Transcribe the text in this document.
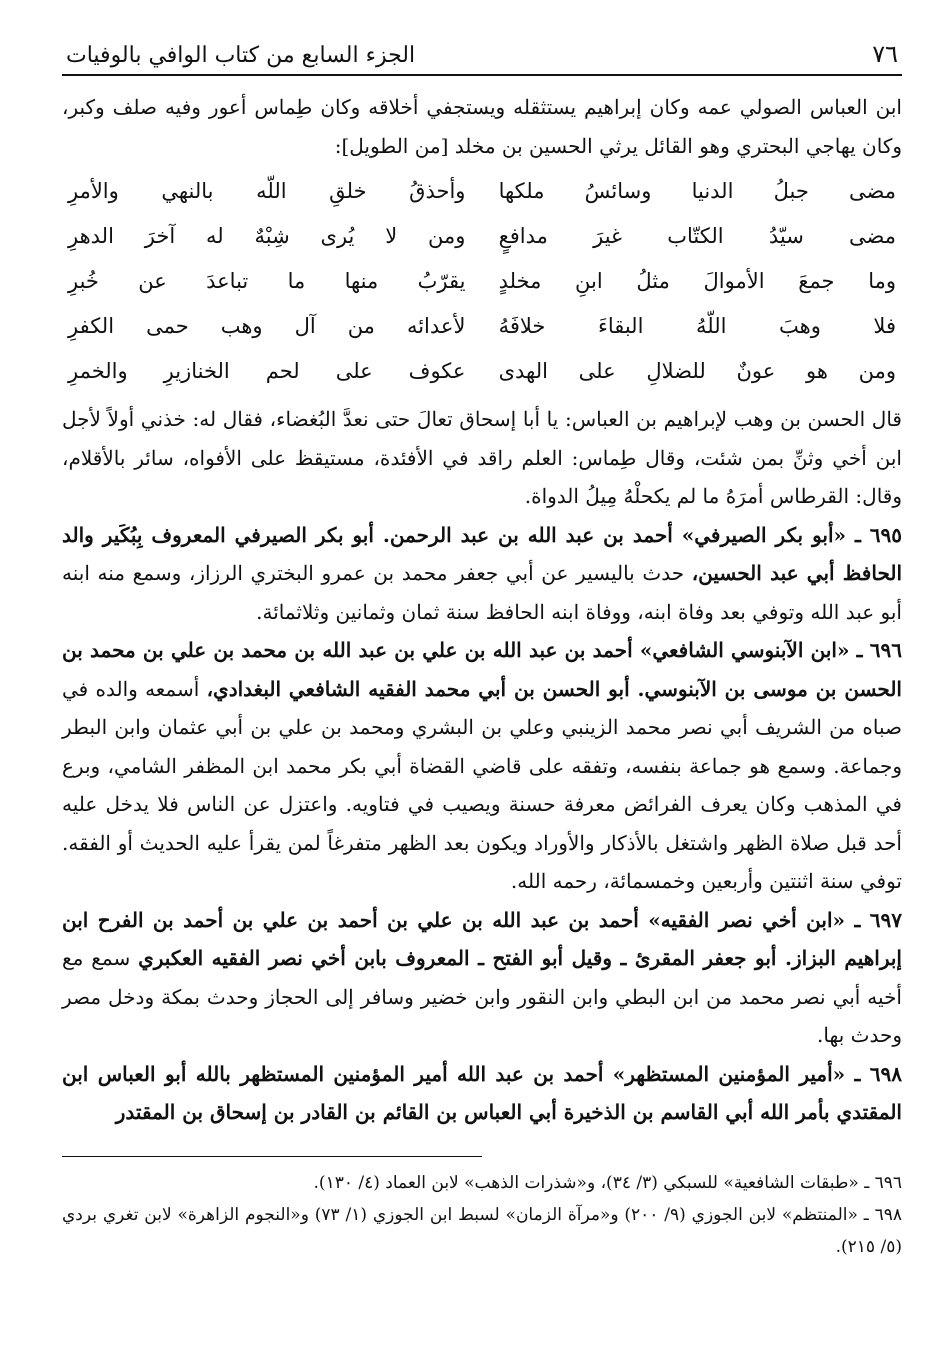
٧٦
الجزء السابع من كتاب الوافي بالوفيات

ابن العباس الصولي عمه وكان إبراهيم يستثقله ويستجفي أخلاقه وكان طِماس أعور وفيه صلف وكبر، وكان يهاجي البحتري وهو القائل يرثي الحسين بن مخلد [من الطويل]:

مضى جبلُ الدنيا وسائسُ ملكها
وأحذقُ خلقِ اللّه بالنهي والأمرِ
مضى سيّدُ الكتّاب غيرَ مدافعٍ
ومن لا يُرى شِبْهٌ له آخرَ الدهرِ
وما جمعَ الأموالَ مثلُ ابنِ مخلدٍ
يقرّبُ منها ما تباعدَ عن خُبرِ
فلا وهبَ اللّهُ البقاءَ خلافَهُ
لأعدائه من آل وهب حمى الكفرِ
ومن هو عونٌ للضلالِ على الهدى
عكوف على لحم الخنازيرِ والخمرِ

قال الحسن بن وهب لإبراهيم بن العباس: يا أبا إسحاق تعالَ حتى نعدَّ البُغضاء، فقال له: خذني أولاً لأجل ابن أخي وثنِّ بمن شئت، وقال طِماس: العلم راقد في الأفئدة، مستيقظ على الأفواه، سائر بالأقلام، وقال: القرطاس أمرَهُ ما لم يكحلْهُ مِيلُ الدواة.

٦٩٥ ـ «أبو بكر الصيرفي» أحمد بن عبد الله بن عبد الرحمن. أبو بكر الصيرفي المعروف بِبُكَير والد الحافظ أبي عبد الحسين، حدث باليسير عن أبي جعفر محمد بن عمرو البختري الرزاز، وسمع منه ابنه أبو عبد الله وتوفي بعد وفاة ابنه، ووفاة ابنه الحافظ سنة ثمان وثمانين وثلاثمائة.

٦٩٦ ـ «ابن الآبنوسي الشافعي» أحمد بن عبد الله بن علي بن عبد الله بن محمد بن علي بن محمد بن الحسن بن موسى بن الآبنوسي. أبو الحسن بن أبي محمد الفقيه الشافعي البغدادي، أسمعه والده في صباه من الشريف أبي نصر محمد الزينبي وعلي بن البشري ومحمد بن علي بن أبي عثمان وابن البطر وجماعة. وسمع هو جماعة بنفسه، وتفقه على قاضي القضاة أبي بكر محمد ابن المظفر الشامي، وبرع في المذهب وكان يعرف الفرائض معرفة حسنة ويصيب في فتاويه. واعتزل عن الناس فلا يدخل عليه أحد قبل صلاة الظهر واشتغل بالأذكار والأوراد ويكون بعد الظهر متفرغاً لمن يقرأ عليه الحديث أو الفقه. توفي سنة اثنتين وأربعين وخمسمائة، رحمه الله.

٦٩٧ ـ «ابن أخي نصر الفقيه» أحمد بن عبد الله بن علي بن أحمد بن علي بن أحمد بن الفرح ابن إبراهيم البزاز. أبو جعفر المقرئ ـ وقيل أبو الفتح ـ المعروف بابن أخي نصر الفقيه العكبري سمع مع أخيه أبي نصر محمد من ابن البطي وابن النقور وابن خضير وسافر إلى الحجاز وحدث بمكة ودخل مصر وحدث بها.

٦٩٨ ـ «أمير المؤمنين المستظهر» أحمد بن عبد الله أمير المؤمنين المستظهر بالله أبو العباس ابن المقتدي بأمر الله أبي القاسم بن الذخيرة أبي العباس بن القائم بن القادر بن إسحاق بن المقتدر

٦٩٦ ـ «طبقات الشافعية» للسبكي (٣/ ٣٤)، و«شذرات الذهب» لابن العماد (٤/ ١٣٠).

٦٩٨ ـ «المنتظم» لابن الجوزي (٩/ ٢٠٠) و«مرآة الزمان» لسبط ابن الجوزي (١/ ٧٣) و«النجوم الزاهرة» لابن تغري بردي (٥/ ٢١٥).
